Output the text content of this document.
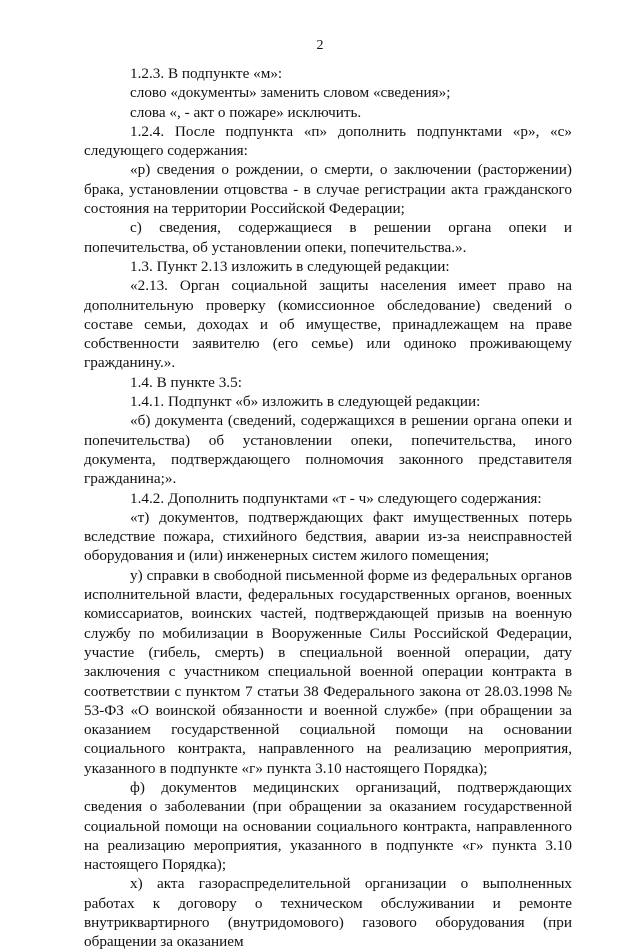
2

1.2.3. В подпункте «м»:

слово «документы» заменить словом «сведения»;

слова «, - акт о пожаре» исключить.

1.2.4. После подпункта «п» дополнить подпунктами «р», «с» следующего содержания:

«р) сведения о рождении, о смерти, о заключении (расторжении) брака, установлении отцовства - в случае регистрации акта гражданского состояния на территории Российской Федерации;

с) сведения, содержащиеся в решении органа опеки и попечительства, об установлении опеки, попечительства.».

1.3. Пункт 2.13 изложить в следующей редакции:

«2.13. Орган социальной защиты населения имеет право на дополнительную проверку (комиссионное обследование) сведений о составе семьи, доходах и об имуществе, принадлежащем на праве собственности заявителю (его семье) или одиноко проживающему гражданину.».

1.4. В пункте 3.5:

1.4.1. Подпункт «б» изложить в следующей редакции:

«б) документа (сведений, содержащихся в решении органа опеки и попечительства) об установлении опеки, попечительства, иного документа, подтверждающего полномочия законного представителя гражданина;».

1.4.2. Дополнить подпунктами «т - ч» следующего содержания:

«т) документов, подтверждающих факт имущественных потерь вследствие пожара, стихийного бедствия, аварии из-за неисправностей оборудования и (или) инженерных систем жилого помещения;

у) справки в свободной письменной форме из федеральных органов исполнительной власти, федеральных государственных органов, военных комиссариатов, воинских частей, подтверждающей призыв на военную службу по мобилизации в Вооруженные Силы Российской Федерации, участие (гибель, смерть) в специальной военной операции, дату заключения с участником специальной военной операции контракта в соответствии с пунктом 7 статьи 38 Федерального закона от 28.03.1998 № 53-ФЗ «О воинской обязанности и военной службе» (при обращении за оказанием государственной социальной помощи на основании социального контракта, направленного на реализацию мероприятия, указанного в подпункте «г» пункта 3.10 настоящего Порядка);

ф) документов медицинских организаций, подтверждающих сведения о заболевании (при обращении за оказанием государственной социальной помощи на основании социального контракта, направленного на реализацию мероприятия, указанного в подпункте «г» пункта 3.10 настоящего Порядка);

х) акта газораспределительной организации о выполненных работах к договору о техническом обслуживании и ремонте внутриквартирного (внутридомового) газового оборудования (при обращении за оказанием
